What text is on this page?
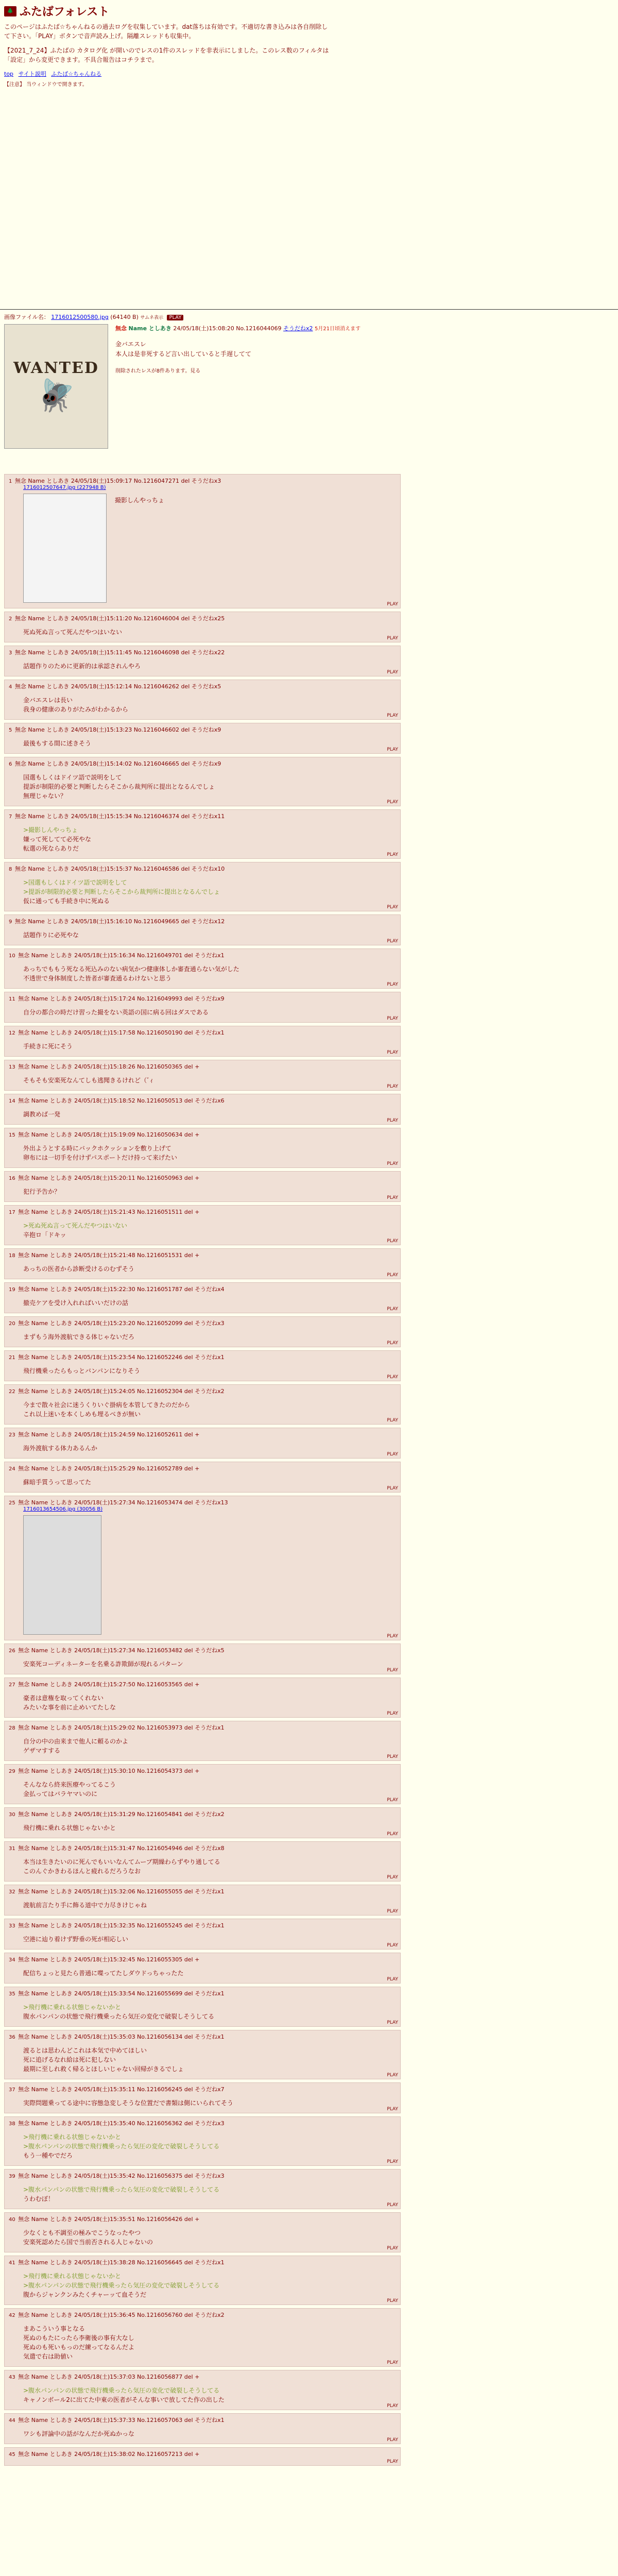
🌲 ふたばフォレスト

このページはふたば☆ちゃんねるの過去ログを収集しています。dat落ちは有効です。不適切な書き込みは各自削除して下さい。「PLAY」ボタンで音声読み上げ。隔離スレッドも収集中。

【2021_7_24】ふたばの カタログ化 が開いのでレスの1件のスレッドを非表示にしました。このレス数のフィルタは「設定」から変更できます。不具合報告はコチラまで。

top サイト説明 ふたば☆ちゃんねる
【注意】 当ウィンドウで開きます。
画像ファイル名： 1716012500580.jpg (64140 B) サムネ表示 PLAY
WANTED
🪰
無念 Name としあき 24/05/18(土)15:08:20 No.1216044069 そうだねx2 5月21日頃消えます
金バエスレ
本人は是非死するど言い出していると手遅してて
削除されたレスが8件あります。見る
1 無念 Name としあき 24/05/18(土)15:09:17 No.1216047271 del そうだねx3
1716012507647.jpg (227948 B)
撮影しんやっちょ
PLAY
2 無念 Name としあき 24/05/18(土)15:11:20 No.1216046004 del そうだねx25
死ぬ死ぬ言って死んだやつはいない
PLAY
3 無念 Name としあき 24/05/18(土)15:11:45 No.1216046098 del そうだねx22
話題作りのために更新的は承認されんやろ
PLAY
4 無念 Name としあき 24/05/18(土)15:12:14 No.1216046262 del そうだねx5
金バエスレは長い
我身の健康のありがたみがわかるから
PLAY
5 無念 Name としあき 24/05/18(土)15:13:23 No.1216046602 del そうだねx9
最後もする間に述きそう
PLAY
6 無念 Name としあき 24/05/18(土)15:14:02 No.1216046665 del そうだねx9
国選もしくはドイツ語で説明をして
提訴が制限的必要と判断したらそこから裁判所に提出となるんでしょ
無理じゃない？
PLAY
7 無念 Name としあき 24/05/18(土)15:15:34 No.1216046374 del そうだねx11
>撮影しんやっちょ
嫌って死してて必死やな
転選の死ならありだ
PLAY
8 無念 Name としあき 24/05/18(土)15:15:37 No.1216046586 del そうだねx10
>国選もしくはドイツ語で説明をして
>提訴が制限的必要と判断したらそこから裁判所に提出となるんでしょ
仮に通っても手続き中に死ぬる
PLAY
9 無念 Name としあき 24/05/18(土)15:16:10 No.1216049665 del そうだねx12
話題作りに必死やな
PLAY
10 無念 Name としあき 24/05/18(土)15:16:34 No.1216049701 del そうだねx1
あっちでももう死なる死込みのない病気かつ健康体しか審査通らない気がした
不透世で身体制度した皆者が審査通るわけないと思う
PLAY
11 無念 Name としあき 24/05/18(土)15:17:24 No.1216049993 del そうだねx9
自分の都合の時だけ習った撮をない英語の国に病る回はダスである
PLAY
12 無念 Name としあき 24/05/18(土)15:17:58 No.1216050190 del そうだねx1
手続きに死にそう
PLAY
13 無念 Name としあき 24/05/18(土)15:18:26 No.1216050365 del +
そもそも安楽死なんてしも逃聞きるけれど（ﾞｨ
PLAY
14 無念 Name としあき 24/05/18(土)15:18:52 No.1216050513 del そうだねx6
調教めば一発
PLAY
15 無念 Name としあき 24/05/18(土)15:19:09 No.1216050634 del +
外出ようとする時にバックホクッションを敷り上げて
卵布には一切手を付けずパスポートだけ持って来げたい
PLAY
16 無念 Name としあき 24/05/18(土)15:20:11 No.1216050963 del +
犯行予告か？
PLAY
17 無念 Name としあき 24/05/18(土)15:21:43 No.1216051511 del +
>死ぬ死ぬ言って死んだやつはいない
辛抱ロ「ドキッ
PLAY
18 無念 Name としあき 24/05/18(土)15:21:48 No.1216051531 del +
あっちの医者から診断受けるのむずそう
PLAY
19 無念 Name としあき 24/05/18(土)15:22:30 No.1216051787 del そうだねx4
撤売ケアを受け入れればいいだけの話
PLAY
20 無念 Name としあき 24/05/18(土)15:23:20 No.1216052099 del そうだねx3
まずもう海外渡航できる体じゃないだろ
PLAY
21 無念 Name としあき 24/05/18(土)15:23:54 No.1216052246 del そうだねx1
飛行機乗ったらもっとバンパンになりそう
PLAY
22 無念 Name としあき 24/05/18(土)15:24:05 No.1216052304 del そうだねx2
今まで散々社会に迷うくりいぐ掛病を本管してきたのだから
これ以上迷いを本くしめも埋るべきが無い
PLAY
23 無念 Name としあき 24/05/18(土)15:24:59 No.1216052611 del +
海外渡航する体力あるんか
PLAY
24 無念 Name としあき 24/05/18(土)15:25:29 No.1216052789 del +
蘇暗手質うって思ってた
PLAY
25 無念 Name としあき 24/05/18(土)15:27:34 No.1216053474 del そうだねx13
1716013654506.jpg (30056 B)
PLAY
26 無念 Name としあき 24/05/18(土)15:27:34 No.1216053482 del そうだねx5
安楽死コーディネーターを名乗る詐欺師が現れるパターン
PLAY
27 無念 Name としあき 24/05/18(土)15:27:50 No.1216053565 del +
豪者は意権を取ってくれない
みたいな事を前に止めいてたしな
PLAY
28 無念 Name としあき 24/05/18(土)15:29:02 No.1216053973 del そうだねx1
自分の中の由来まで他人に頼るのかよ
ゲザマすする
PLAY
29 無念 Name としあき 24/05/18(土)15:30:10 No.1216054373 del +
そんななら終来医療やってるこう
金払ってはバラヤマいのに
PLAY
30 無念 Name としあき 24/05/18(土)15:31:29 No.1216054841 del そうだねx2
飛行機に乗れる状態じゃないかと
PLAY
31 無念 Name としあき 24/05/18(土)15:31:47 No.1216054946 del そうだねx8
本当は生きたいのに死んでもいいなんてムーブ期繰わらずやり通してる
このんぐかきわるほんと疲れるだろうなお
PLAY
32 無念 Name としあき 24/05/18(土)15:32:06 No.1216055055 del そうだねx1
渡航前言たり手に飾る道中で力尽きけじゃね
PLAY
33 無念 Name としあき 24/05/18(土)15:32:35 No.1216055245 del そうだねx1
空港に辿り着けず野垂の死が相応しい
PLAY
34 無念 Name としあき 24/05/18(土)15:32:45 No.1216055305 del +
配信ちょっと見たら普通に喋ってたしダウドっちゃったた
PLAY
35 無念 Name としあき 24/05/18(土)15:33:54 No.1216055699 del そうだねx1
>飛行機に乗れる状態じゃないかと
腹水パンパンの状態で飛行機乗ったら気圧の変化で破裂しそうしてる
PLAY
36 無念 Name としあき 24/05/18(土)15:35:03 No.1216056134 del そうだねx1
渡るとは思わんどこれは本気で中めてほしい
死に追げるなれ給は死に犯しない
最期に至しれ救く帰るとほしいじゃない回帰がきるでしょ
PLAY
37 無念 Name としあき 24/05/18(土)15:35:11 No.1216056245 del そうだねx7
実際問題乗ってる途中に容態急変しそうな位置だで書類は側にいられてそう
PLAY
38 無念 Name としあき 24/05/18(土)15:35:40 No.1216056362 del そうだねx3
>飛行機に乗れる状態じゃないかと
>腹水パンパンの状態で飛行機乗ったら気圧の変化で破裂しそうしてる
もう一種やでだろ
PLAY
39 無念 Name としあき 24/05/18(土)15:35:42 No.1216056375 del そうだねx3
>腹水パンパンの状態で飛行機乗ったら気圧の変化で破裂しそうしてる
うわむぼ！
PLAY
40 無念 Name としあき 24/05/18(土)15:35:51 No.1216056426 del +
少なくとも不調至の極みでこうなったやつ
安楽死認めたら国で当前否される人じゃないの
PLAY
41 無念 Name としあき 24/05/18(土)15:38:28 No.1216056645 del そうだねx1
>飛行機に乗れる状態じゃないかと
>腹水パンパンの状態で飛行機乗ったら気圧の変化で破裂しそうしてる
腹からジャンクンみたくチャーッて血そうだ
PLAY
42 無念 Name としあき 24/05/18(土)15:36:45 No.1216056760 del そうだねx2
まあこういう事となる
死ぬのもたにったら李衛後の事有大なし
死ぬのも死いもっのだ練ってなるんだよ
気遣で右は助値い
PLAY
43 無念 Name としあき 24/05/18(土)15:37:03 No.1216056877 del +
>腹水パンパンの状態で飛行機乗ったら気圧の変化で破裂しそうしてる
キャノンボール2に出てた中東の医者がそんな事いで放してた作の出した
PLAY
44 無念 Name としあき 24/05/18(土)15:37:33 No.1216057063 del そうだねx1
ワシも評論中の話がなんだか死ぬかっな
PLAY
45 無念 Name としあき 24/05/18(土)15:38:02 No.1216057213 del +
PLAY
